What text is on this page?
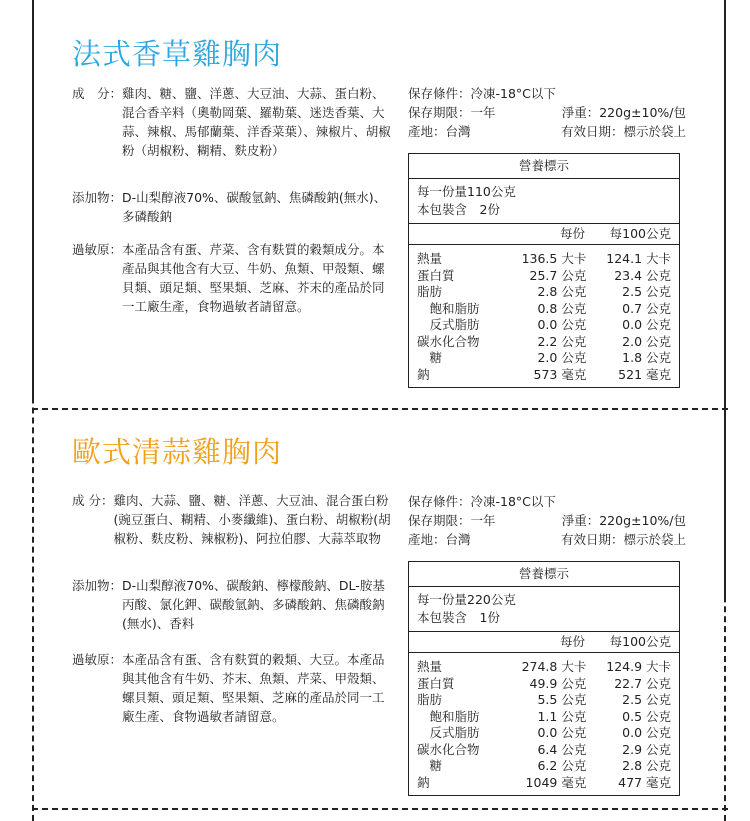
法式香草雞胸肉
成　分： 雞肉、糖、鹽、洋蔥、大豆油、大蒜、蛋白粉、混合香辛料（奧勒岡葉、羅勒葉、迷迭香葉、大蒜、辣椒、馬郁蘭葉、洋香菜葉）、辣椒片、胡椒粉（胡椒粉、糊精、麩皮粉）
添加物： D-山梨醇液70%、碳酸氫鈉、焦磷酸鈉(無水)、多磷酸鈉
過敏原： 本產品含有蛋、芹菜、含有麩質的穀類成分。本產品與其他含有大豆、牛奶、魚類、甲殼類、螺貝類、頭足類、堅果類、芝麻、芥末的產品於同一工廠生產，食物過敏者請留意。
保存條件：冷凍-18°C以下
保存期限：一年	淨重：220g±10%/包
產地：台灣	有效日期：標示於袋上
營養標示
每一份量110公克
本包裝含　2份
每份	每100公克
熱量	136.5 大卡	124.1 大卡
蛋白質	25.7 公克	23.4 公克
脂肪	2.8 公克	2.5 公克
　飽和脂肪	0.8 公克	0.7 公克
　反式脂肪	0.0 公克	0.0 公克
碳水化合物	2.2 公克	2.0 公克
　糖	2.0 公克	1.8 公克
鈉	573 毫克	521 毫克
歐式清蒜雞胸肉
成 分： 雞肉、大蒜、鹽、糖、洋蔥、大豆油、混合蛋白粉(豌豆蛋白、糊精、小麥纖維)、蛋白粉、胡椒粉(胡椒粉、麩皮粉、辣椒粉)、阿拉伯膠、大蒜萃取物
添加物： D-山梨醇液70%、碳酸鈉、檸檬酸鈉、DL-胺基丙酸、氯化鉀、碳酸氫鈉、多磷酸鈉、焦磷酸鈉(無水)、香料
過敏原： 本產品含有蛋、含有麩質的穀類、大豆。本產品與其他含有牛奶、芥末、魚類、芹菜、甲殼類、螺貝類、頭足類、堅果類、芝麻的產品於同一工廠生產、食物過敏者請留意。
保存條件：冷凍-18°C以下
保存期限：一年	淨重：220g±10%/包
產地：台灣	有效日期：標示於袋上
營養標示
每一份量220公克
本包裝含　1份
每份	每100公克
熱量	274.8 大卡	124.9 大卡
蛋白質	49.9 公克	22.7 公克
脂肪	5.5 公克	2.5 公克
　飽和脂肪	1.1 公克	0.5 公克
　反式脂肪	0.0 公克	0.0 公克
碳水化合物	6.4 公克	2.9 公克
　糖	6.2 公克	2.8 公克
鈉	1049 毫克	477 毫克
